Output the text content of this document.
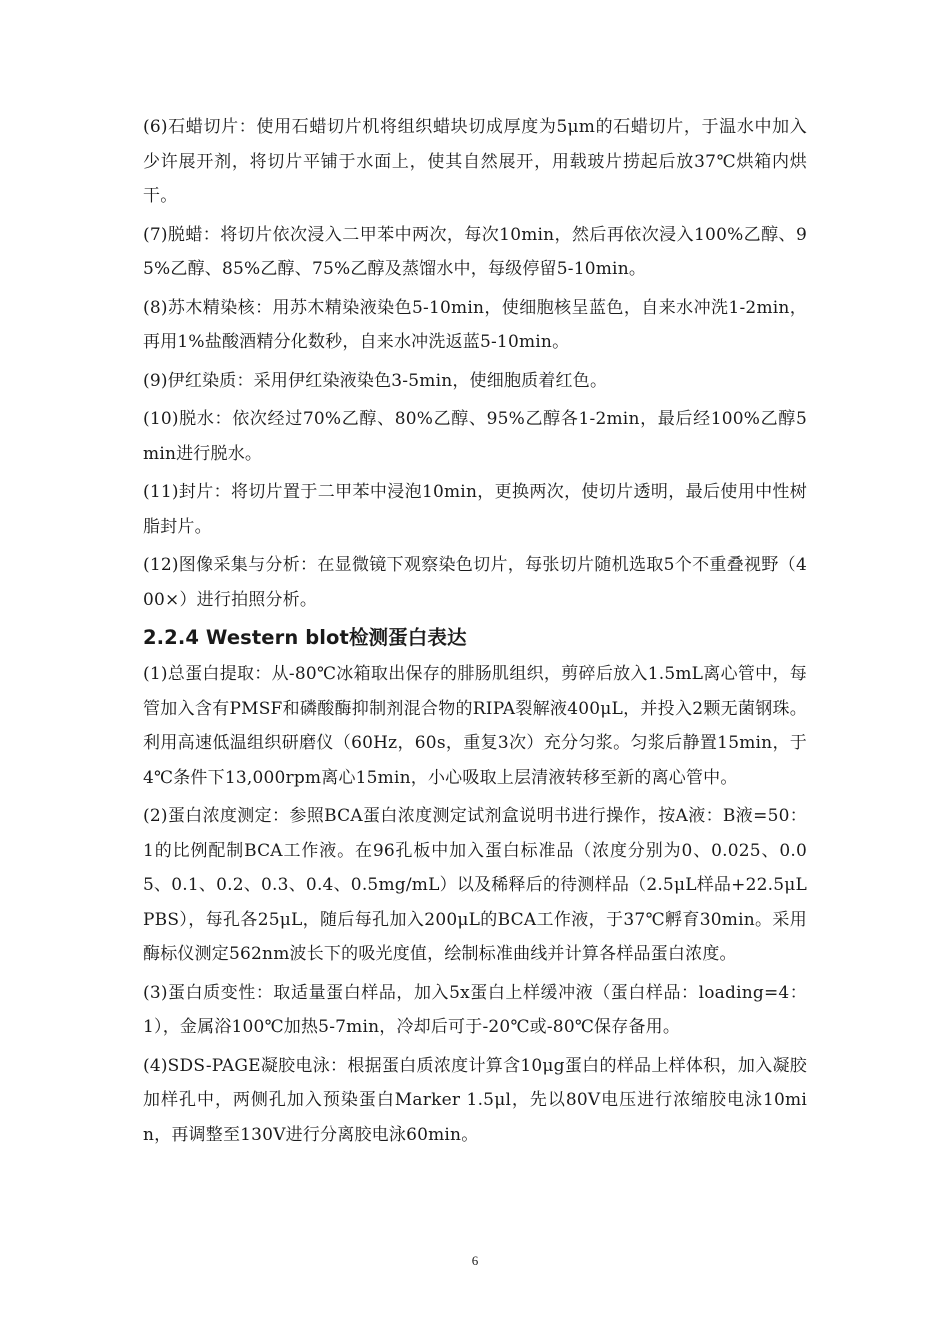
(6)石蜡切片：使用石蜡切片机将组织蜡块切成厚度为5μm的石蜡切片，于温水中加入少许展开剂，将切片平铺于水面上，使其自然展开，用载玻片捞起后放37℃烘箱内烘干。

(7)脱蜡：将切片依次浸入二甲苯中两次，每次10min，然后再依次浸入100%乙醇、95%乙醇、85%乙醇、75%乙醇及蒸馏水中，每级停留5-10min。

(8)苏木精染核：用苏木精染液染色5-10min，使细胞核呈蓝色，自来水冲洗1-2min，再用1%盐酸酒精分化数秒，自来水冲洗返蓝5-10min。

(9)伊红染质：采用伊红染液染色3-5min，使细胞质着红色。

(10)脱水：依次经过70%乙醇、80%乙醇、95%乙醇各1-2min，最后经100%乙醇5min进行脱水。

(11)封片：将切片置于二甲苯中浸泡10min，更换两次，使切片透明，最后使用中性树脂封片。

(12)图像采集与分析：在显微镜下观察染色切片，每张切片随机选取5个不重叠视野（400×）进行拍照分析。

2.2.4 Western blot检测蛋白表达

(1)总蛋白提取：从-80℃冰箱取出保存的腓肠肌组织，剪碎后放入1.5mL离心管中，每管加入含有PMSF和磷酸酶抑制剂混合物的RIPA裂解液400μL，并投入2颗无菌钢珠。利用高速低温组织研磨仪（60Hz，60s，重复3次）充分匀浆。匀浆后静置15min，于4℃条件下13,000rpm离心15min，小心吸取上层清液转移至新的离心管中。

(2)蛋白浓度测定：参照BCA蛋白浓度测定试剂盒说明书进行操作，按A液：B液=50：1的比例配制BCA工作液。在96孔板中加入蛋白标准品（浓度分别为0、0.025、0.05、0.1、0.2、0.3、0.4、0.5mg/mL）以及稀释后的待测样品（2.5μL样品+22.5μL PBS），每孔各25μL，随后每孔加入200μL的BCA工作液，于37℃孵育30min。采用酶标仪测定562nm波长下的吸光度值，绘制标准曲线并计算各样品蛋白浓度。

(3)蛋白质变性：取适量蛋白样品，加入5x蛋白上样缓冲液（蛋白样品：loading=4：1），金属浴100℃加热5-7min，冷却后可于-20℃或-80℃保存备用。

(4)SDS-PAGE凝胶电泳：根据蛋白质浓度计算含10μg蛋白的样品上样体积，加入凝胶加样孔中，两侧孔加入预染蛋白Marker 1.5μl，先以80V电压进行浓缩胶电泳10min，再调整至130V进行分离胶电泳60min。

6
